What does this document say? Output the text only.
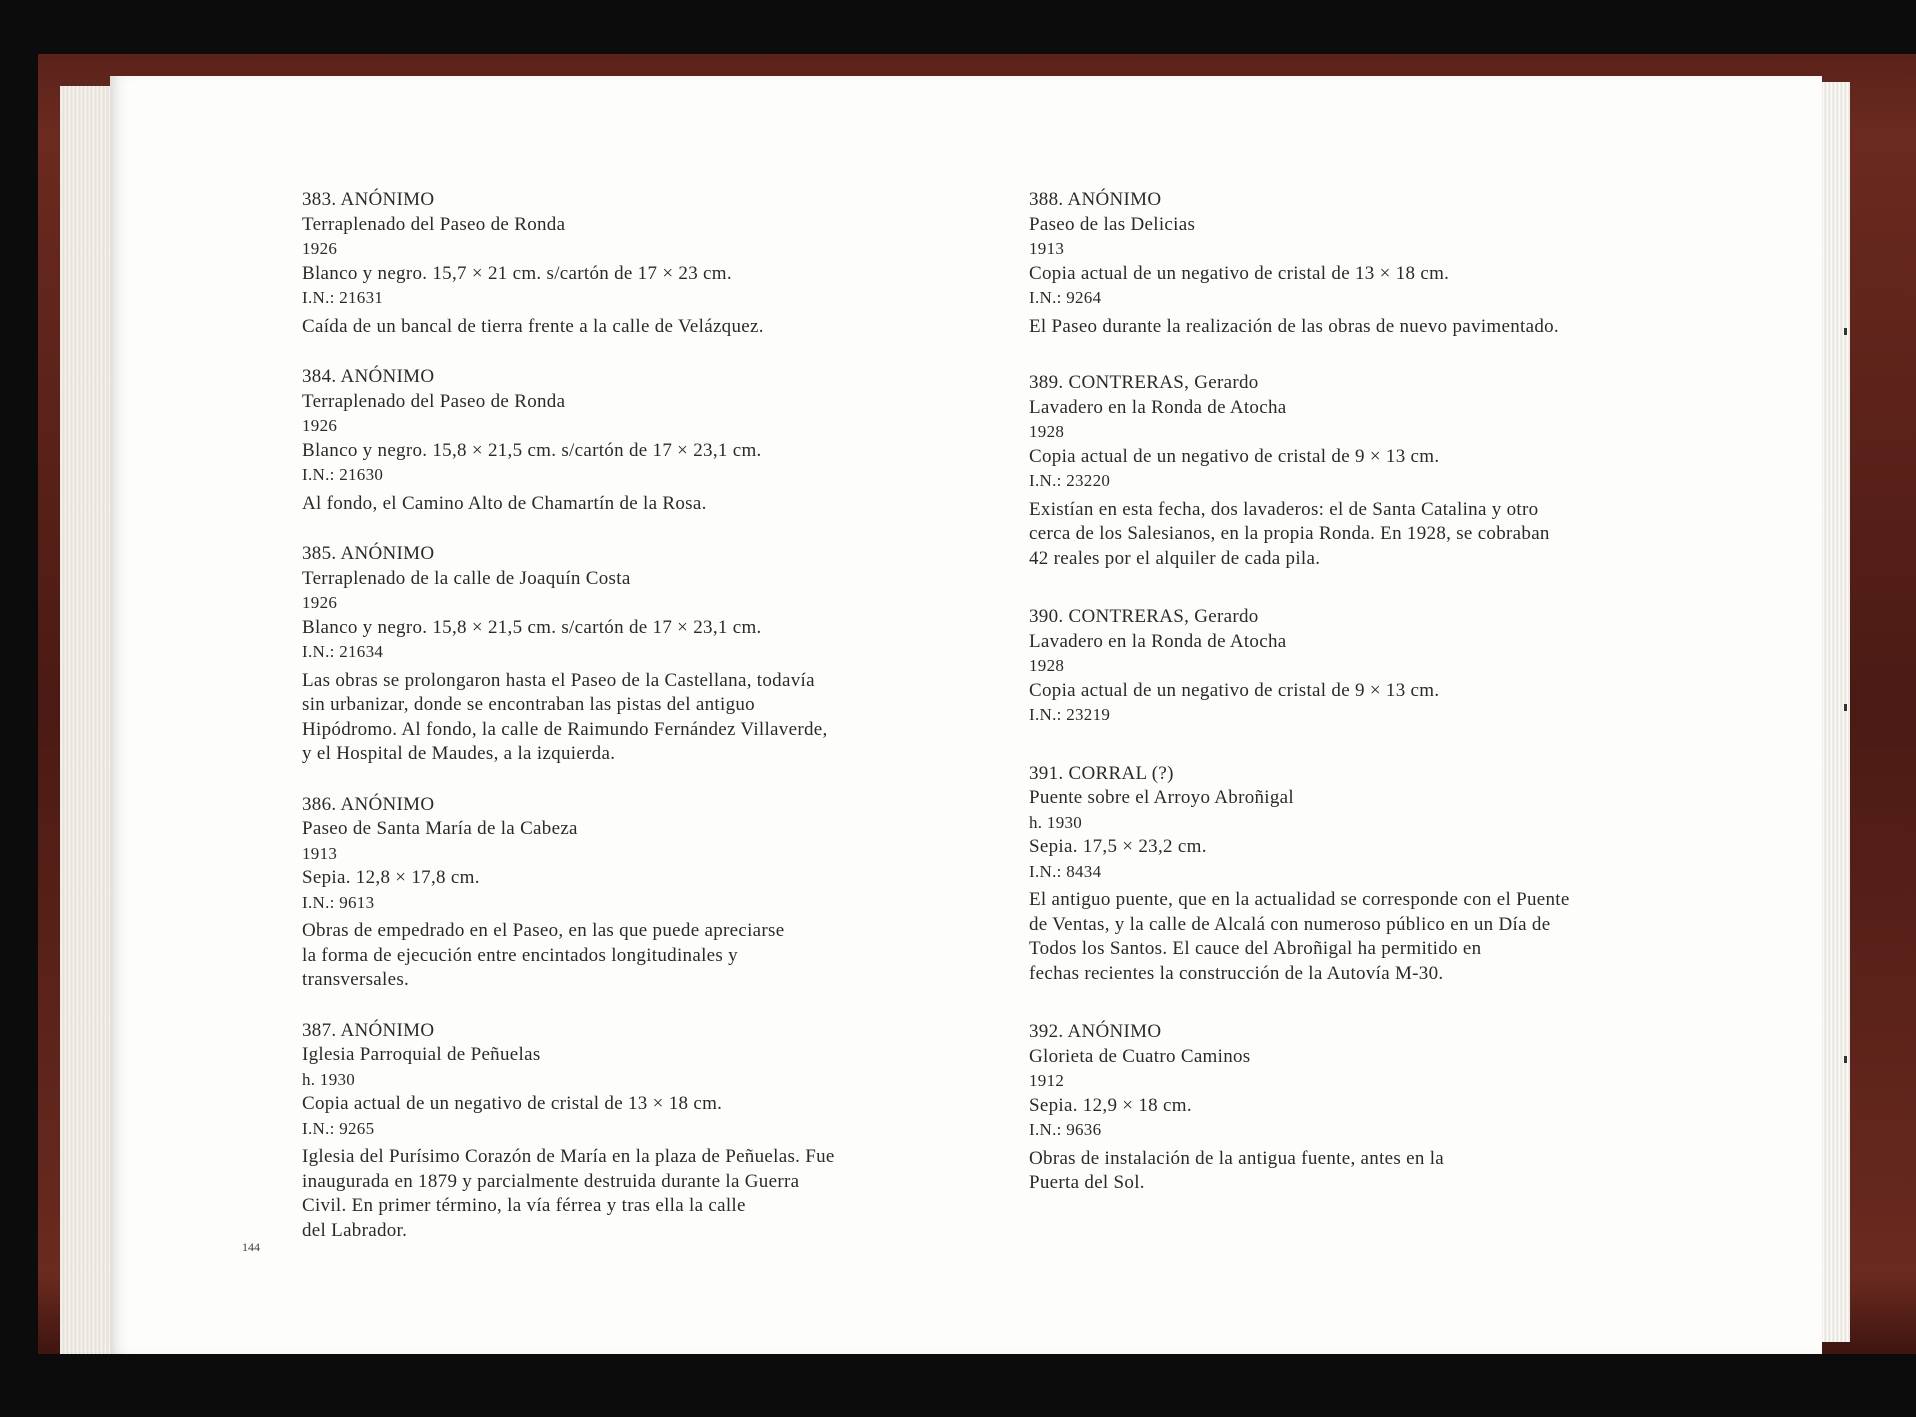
383. ANÓNIMO
Terraplenado del Paseo de Ronda
1926
Blanco y negro. 15,7 × 21 cm. s/cartón de 17 × 23 cm.
I.N.: 21631
Caída de un bancal de tierra frente a la calle de Velázquez.
384. ANÓNIMO
Terraplenado del Paseo de Ronda
1926
Blanco y negro. 15,8 × 21,5 cm. s/cartón de 17 × 23,1 cm.
I.N.: 21630
Al fondo, el Camino Alto de Chamartín de la Rosa.
385. ANÓNIMO
Terraplenado de la calle de Joaquín Costa
1926
Blanco y negro. 15,8 × 21,5 cm. s/cartón de 17 × 23,1 cm.
I.N.: 21634
Las obras se prolongaron hasta el Paseo de la Castellana, todavía
sin urbanizar, donde se encontraban las pistas del antiguo
Hipódromo. Al fondo, la calle de Raimundo Fernández Villaverde,
y el Hospital de Maudes, a la izquierda.
386. ANÓNIMO
Paseo de Santa María de la Cabeza
1913
Sepia. 12,8 × 17,8 cm.
I.N.: 9613
Obras de empedrado en el Paseo, en las que puede apreciarse
la forma de ejecución entre encintados longitudinales y
transversales.
387. ANÓNIMO
Iglesia Parroquial de Peñuelas
h. 1930
Copia actual de un negativo de cristal de 13 × 18 cm.
I.N.: 9265
Iglesia del Purísimo Corazón de María en la plaza de Peñuelas. Fue
inaugurada en 1879 y parcialmente destruida durante la Guerra
Civil. En primer término, la vía férrea y tras ella la calle
del Labrador.
388. ANÓNIMO
Paseo de las Delicias
1913
Copia actual de un negativo de cristal de 13 × 18 cm.
I.N.: 9264
El Paseo durante la realización de las obras de nuevo pavimentado.
389. CONTRERAS, Gerardo
Lavadero en la Ronda de Atocha
1928
Copia actual de un negativo de cristal de 9 × 13 cm.
I.N.: 23220
Existían en esta fecha, dos lavaderos: el de Santa Catalina y otro
cerca de los Salesianos, en la propia Ronda. En 1928, se cobraban
42 reales por el alquiler de cada pila.
390. CONTRERAS, Gerardo
Lavadero en la Ronda de Atocha
1928
Copia actual de un negativo de cristal de 9 × 13 cm.
I.N.: 23219
391. CORRAL (?)
Puente sobre el Arroyo Abroñigal
h. 1930
Sepia. 17,5 × 23,2 cm.
I.N.: 8434
El antiguo puente, que en la actualidad se corresponde con el Puente
de Ventas, y la calle de Alcalá con numeroso público en un Día de
Todos los Santos. El cauce del Abroñigal ha permitido en
fechas recientes la construcción de la Autovía M-30.
392. ANÓNIMO
Glorieta de Cuatro Caminos
1912
Sepia. 12,9 × 18 cm.
I.N.: 9636
Obras de instalación de la antigua fuente, antes en la
Puerta del Sol.
144
